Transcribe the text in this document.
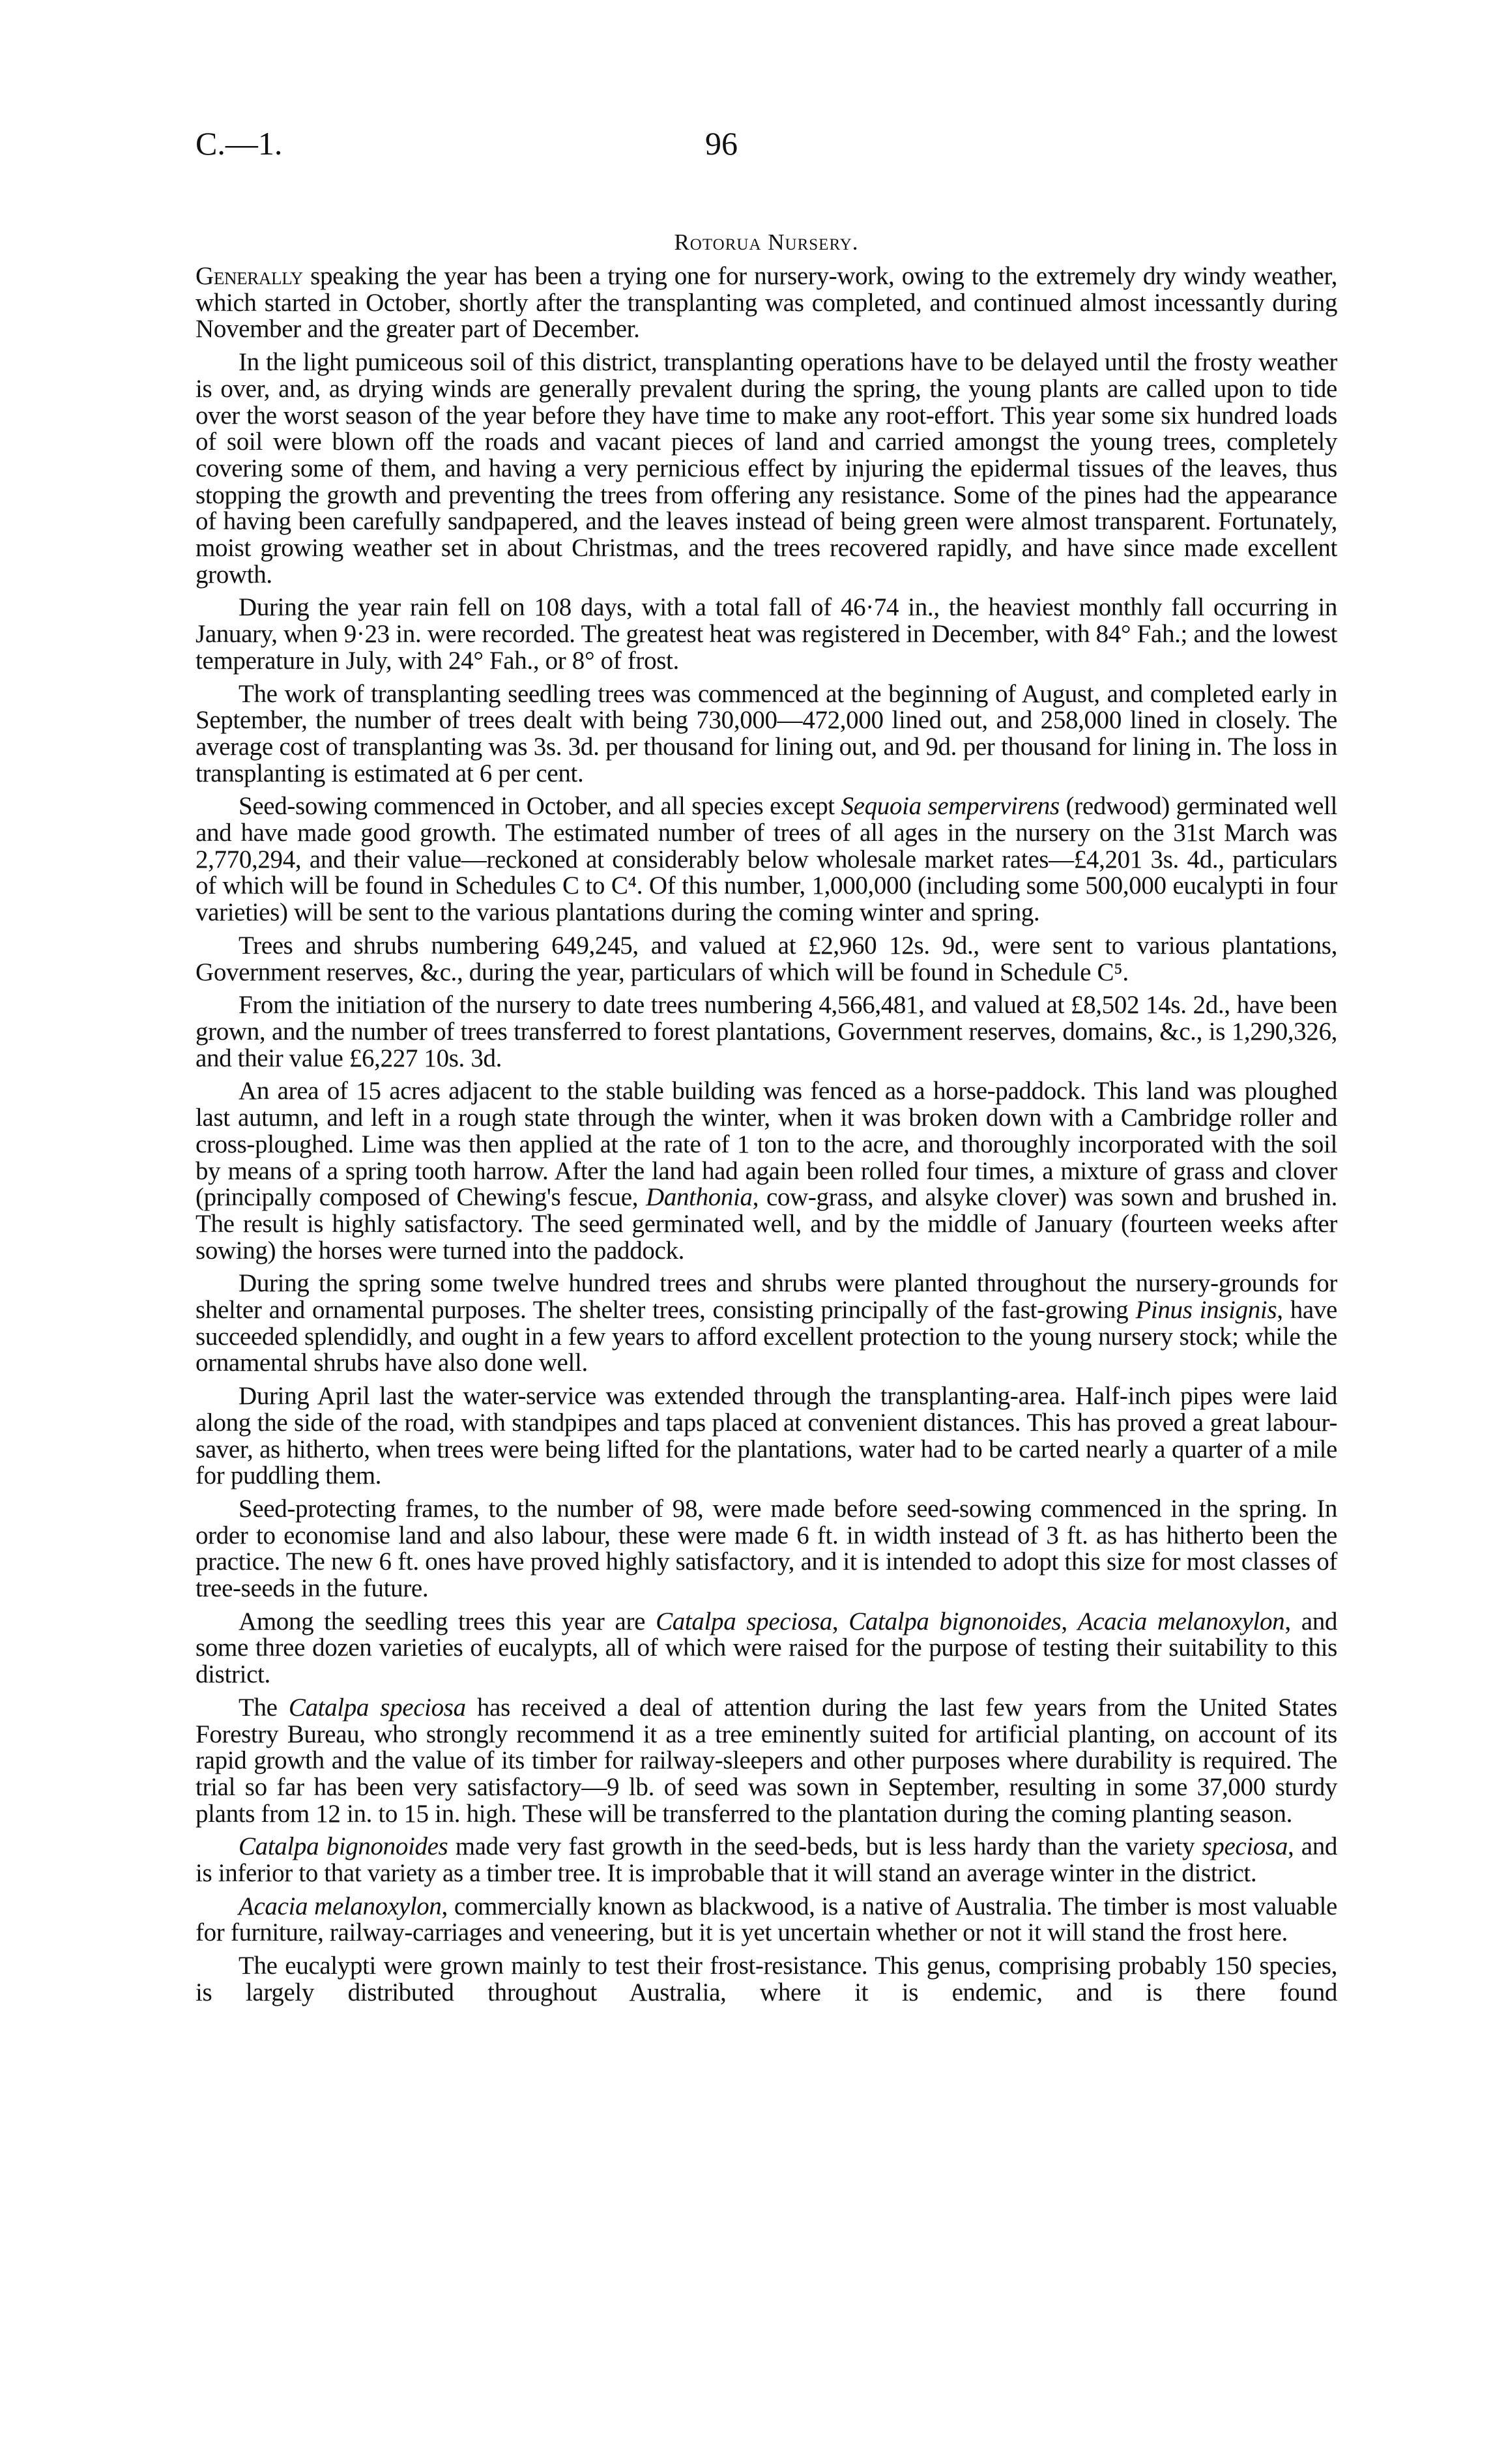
C.—1.	96
Rotorua Nursery.

Generally speaking the year has been a trying one for nursery-work, owing to the extremely dry windy weather, which started in October, shortly after the transplanting was completed, and continued almost incessantly during November and the greater part of December.

In the light pumiceous soil of this district, transplanting operations have to be delayed until the frosty weather is over, and, as drying winds are generally prevalent during the spring, the young plants are called upon to tide over the worst season of the year before they have time to make any root-effort. This year some six hundred loads of soil were blown off the roads and vacant pieces of land and carried amongst the young trees, completely covering some of them, and having a very pernicious effect by injuring the epidermal tissues of the leaves, thus stopping the growth and preventing the trees from offering any resistance. Some of the pines had the appearance of having been carefully sandpapered, and the leaves instead of being green were almost transparent. Fortunately, moist growing weather set in about Christmas, and the trees recovered rapidly, and have since made excellent growth.

During the year rain fell on 108 days, with a total fall of 46·74 in., the heaviest monthly fall occurring in January, when 9·23 in. were recorded. The greatest heat was registered in December, with 84° Fah.; and the lowest temperature in July, with 24° Fah., or 8° of frost.

The work of transplanting seedling trees was commenced at the beginning of August, and completed early in September, the number of trees dealt with being 730,000—472,000 lined out, and 258,000 lined in closely. The average cost of transplanting was 3s. 3d. per thousand for lining out, and 9d. per thousand for lining in. The loss in transplanting is estimated at 6 per cent.

Seed-sowing commenced in October, and all species except Sequoia sempervirens (redwood) germinated well and have made good growth. The estimated number of trees of all ages in the nursery on the 31st March was 2,770,294, and their value—reckoned at considerably below wholesale market rates—£4,201 3s. 4d., particulars of which will be found in Schedules C to C⁴. Of this number, 1,000,000 (including some 500,000 eucalypti in four varieties) will be sent to the various plantations during the coming winter and spring.

Trees and shrubs numbering 649,245, and valued at £2,960 12s. 9d., were sent to various plantations, Government reserves, &c., during the year, particulars of which will be found in Schedule C⁵.

From the initiation of the nursery to date trees numbering 4,566,481, and valued at £8,502 14s. 2d., have been grown, and the number of trees transferred to forest plantations, Government reserves, domains, &c., is 1,290,326, and their value £6,227 10s. 3d.

An area of 15 acres adjacent to the stable building was fenced as a horse-paddock. This land was ploughed last autumn, and left in a rough state through the winter, when it was broken down with a Cambridge roller and cross-ploughed. Lime was then applied at the rate of 1 ton to the acre, and thoroughly incorporated with the soil by means of a spring tooth harrow. After the land had again been rolled four times, a mixture of grass and clover (principally composed of Chewing's fescue, Danthonia, cow-grass, and alsyke clover) was sown and brushed in. The result is highly satisfactory. The seed germinated well, and by the middle of January (fourteen weeks after sowing) the horses were turned into the paddock.

During the spring some twelve hundred trees and shrubs were planted throughout the nursery-grounds for shelter and ornamental purposes. The shelter trees, consisting principally of the fast-growing Pinus insignis, have succeeded splendidly, and ought in a few years to afford excellent protection to the young nursery stock; while the ornamental shrubs have also done well.

During April last the water-service was extended through the transplanting-area. Half-inch pipes were laid along the side of the road, with standpipes and taps placed at convenient distances. This has proved a great labour-saver, as hitherto, when trees were being lifted for the plantations, water had to be carted nearly a quarter of a mile for puddling them.

Seed-protecting frames, to the number of 98, were made before seed-sowing commenced in the spring. In order to economise land and also labour, these were made 6 ft. in width instead of 3 ft. as has hitherto been the practice. The new 6 ft. ones have proved highly satisfactory, and it is intended to adopt this size for most classes of tree-seeds in the future.

Among the seedling trees this year are Catalpa speciosa, Catalpa bignonoides, Acacia melanoxylon, and some three dozen varieties of eucalypts, all of which were raised for the purpose of testing their suitability to this district.

The Catalpa speciosa has received a deal of attention during the last few years from the United States Forestry Bureau, who strongly recommend it as a tree eminently suited for artificial planting, on account of its rapid growth and the value of its timber for railway-sleepers and other purposes where durability is required. The trial so far has been very satisfactory—9 lb. of seed was sown in September, resulting in some 37,000 sturdy plants from 12 in. to 15 in. high. These will be transferred to the plantation during the coming planting season.

Catalpa bignonoides made very fast growth in the seed-beds, but is less hardy than the variety speciosa, and is inferior to that variety as a timber tree. It is improbable that it will stand an average winter in the district.

Acacia melanoxylon, commercially known as blackwood, is a native of Australia. The timber is most valuable for furniture, railway-carriages and veneering, but it is yet uncertain whether or not it will stand the frost here.

The eucalypti were grown mainly to test their frost-resistance. This genus, comprising probably 150 species, is largely distributed throughout Australia, where it is endemic, and is there found
